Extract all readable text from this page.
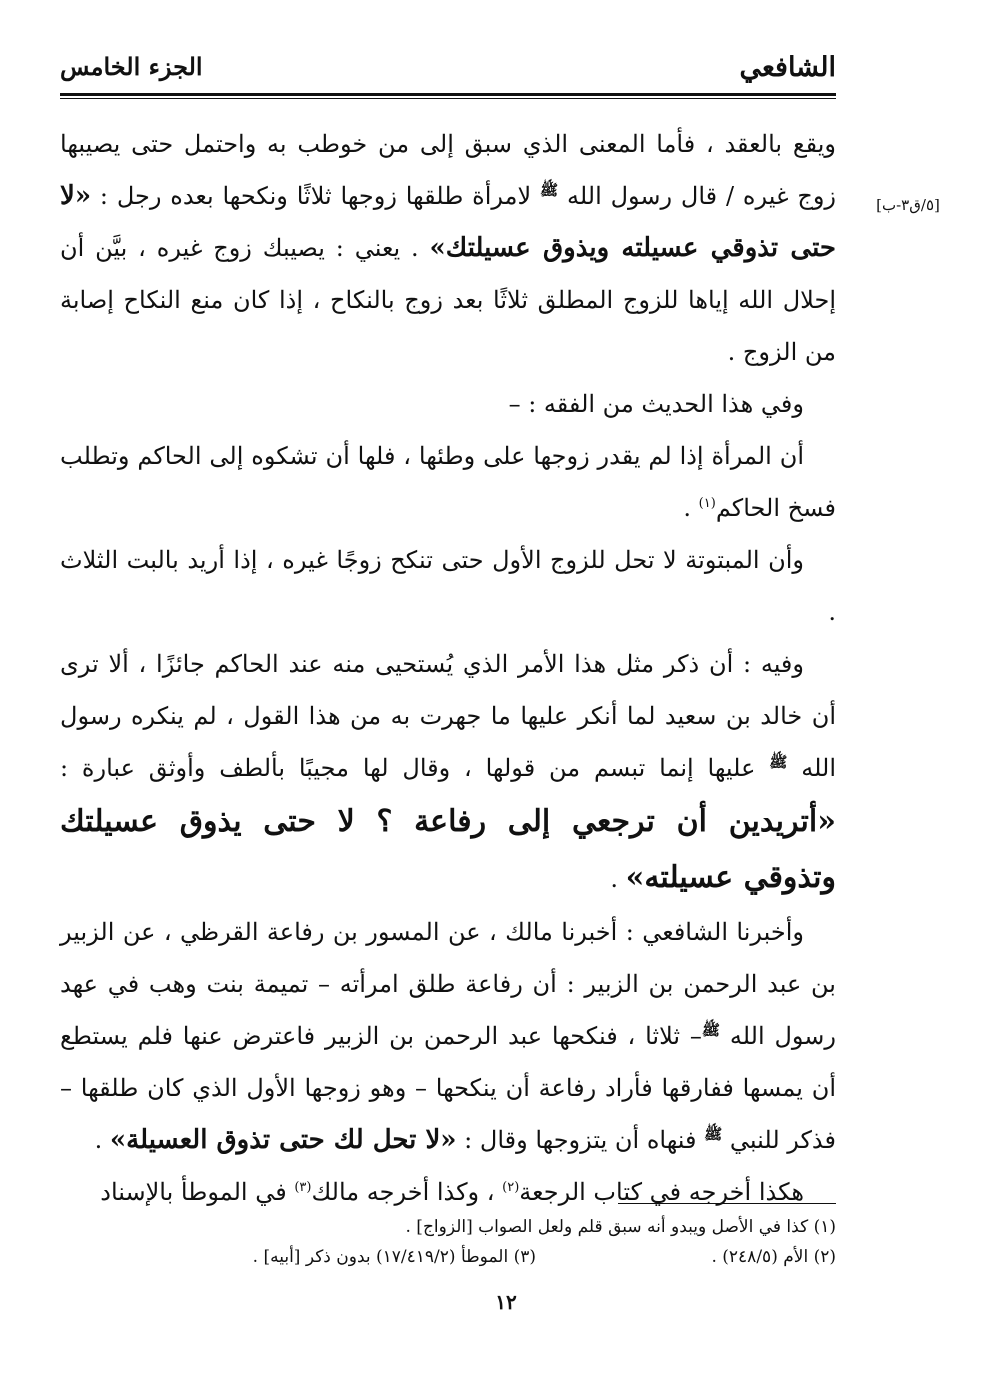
الشافعي
الجزء الخامس
[٥/ق٣-ب]

ويقع بالعقد ، فأما المعنى الذي سبق إلى من خوطب به واحتمل حتى يصيبها زوج غيره / قال رسول الله $^ﷺ$ لامرأة طلقها زوجها ثلاثًا ونكحها بعده رجل : «لا حتى تذوقي عسيلته ويذوق عسيلتك» . يعني : يصيبك زوج غيره ، بيَّن أن إحلال الله إياها للزوج المطلق ثلاثًا بعد زوج بالنكاح ، إذا كان منع النكاح إصابة من الزوج .

وفي هذا الحديث من الفقه : –

أن المرأة إذا لم يقدر زوجها على وطئها ، فلها أن تشكوه إلى الحاكم وتطلب فسخ الحاكم$^{(١)}$ .

وأن المبتوتة لا تحل للزوج الأول حتى تنكح زوجًا غيره ، إذا أريد بالبت الثلاث .

وفيه : أن ذكر مثل هذا الأمر الذي يُستحيى منه عند الحاكم جائزًا ، ألا ترى أن خالد بن سعيد لما أنكر عليها ما جهرت به من هذا القول ، لم ينكره رسول الله $^ﷺ$ عليها إنما تبسم من قولها ، وقال لها مجيبًا بألطف وأوثق عبارة : «أتريدين أن ترجعي إلى رفاعة ؟ لا حتى يذوق عسيلتك وتذوقي عسيلته» .

وأخبرنا الشافعي : أخبرنا مالك ، عن المسور بن رفاعة القرظي ، عن الزبير بن عبد الرحمن بن الزبير : أن رفاعة طلق امرأته – تميمة بنت وهب في عهد رسول الله $^ﷺ$– ثلاثا ، فنكحها عبد الرحمن بن الزبير فاعترض عنها فلم يستطع أن يمسها ففارقها فأراد رفاعة أن ينكحها – وهو زوجها الأول الذي كان طلقها – فذكر للنبي $^ﷺ$ فنهاه أن يتزوجها وقال : «لا تحل لك حتى تذوق العسيلة» .

هكذا أخرجه في كتاب الرجعة$^{(٢)}$ ، وكذا أخرجه مالك$^{(٣)}$ في الموطأ بالإسناد

(١) كذا في الأصل ويبدو أنه سبق قلم ولعل الصواب [الزواج] .

(٢) الأم (٢٤٨/٥) .
(٣) الموطأ (١٧/٤١٩/٢) بدون ذكر [أبيه] .
١٢
